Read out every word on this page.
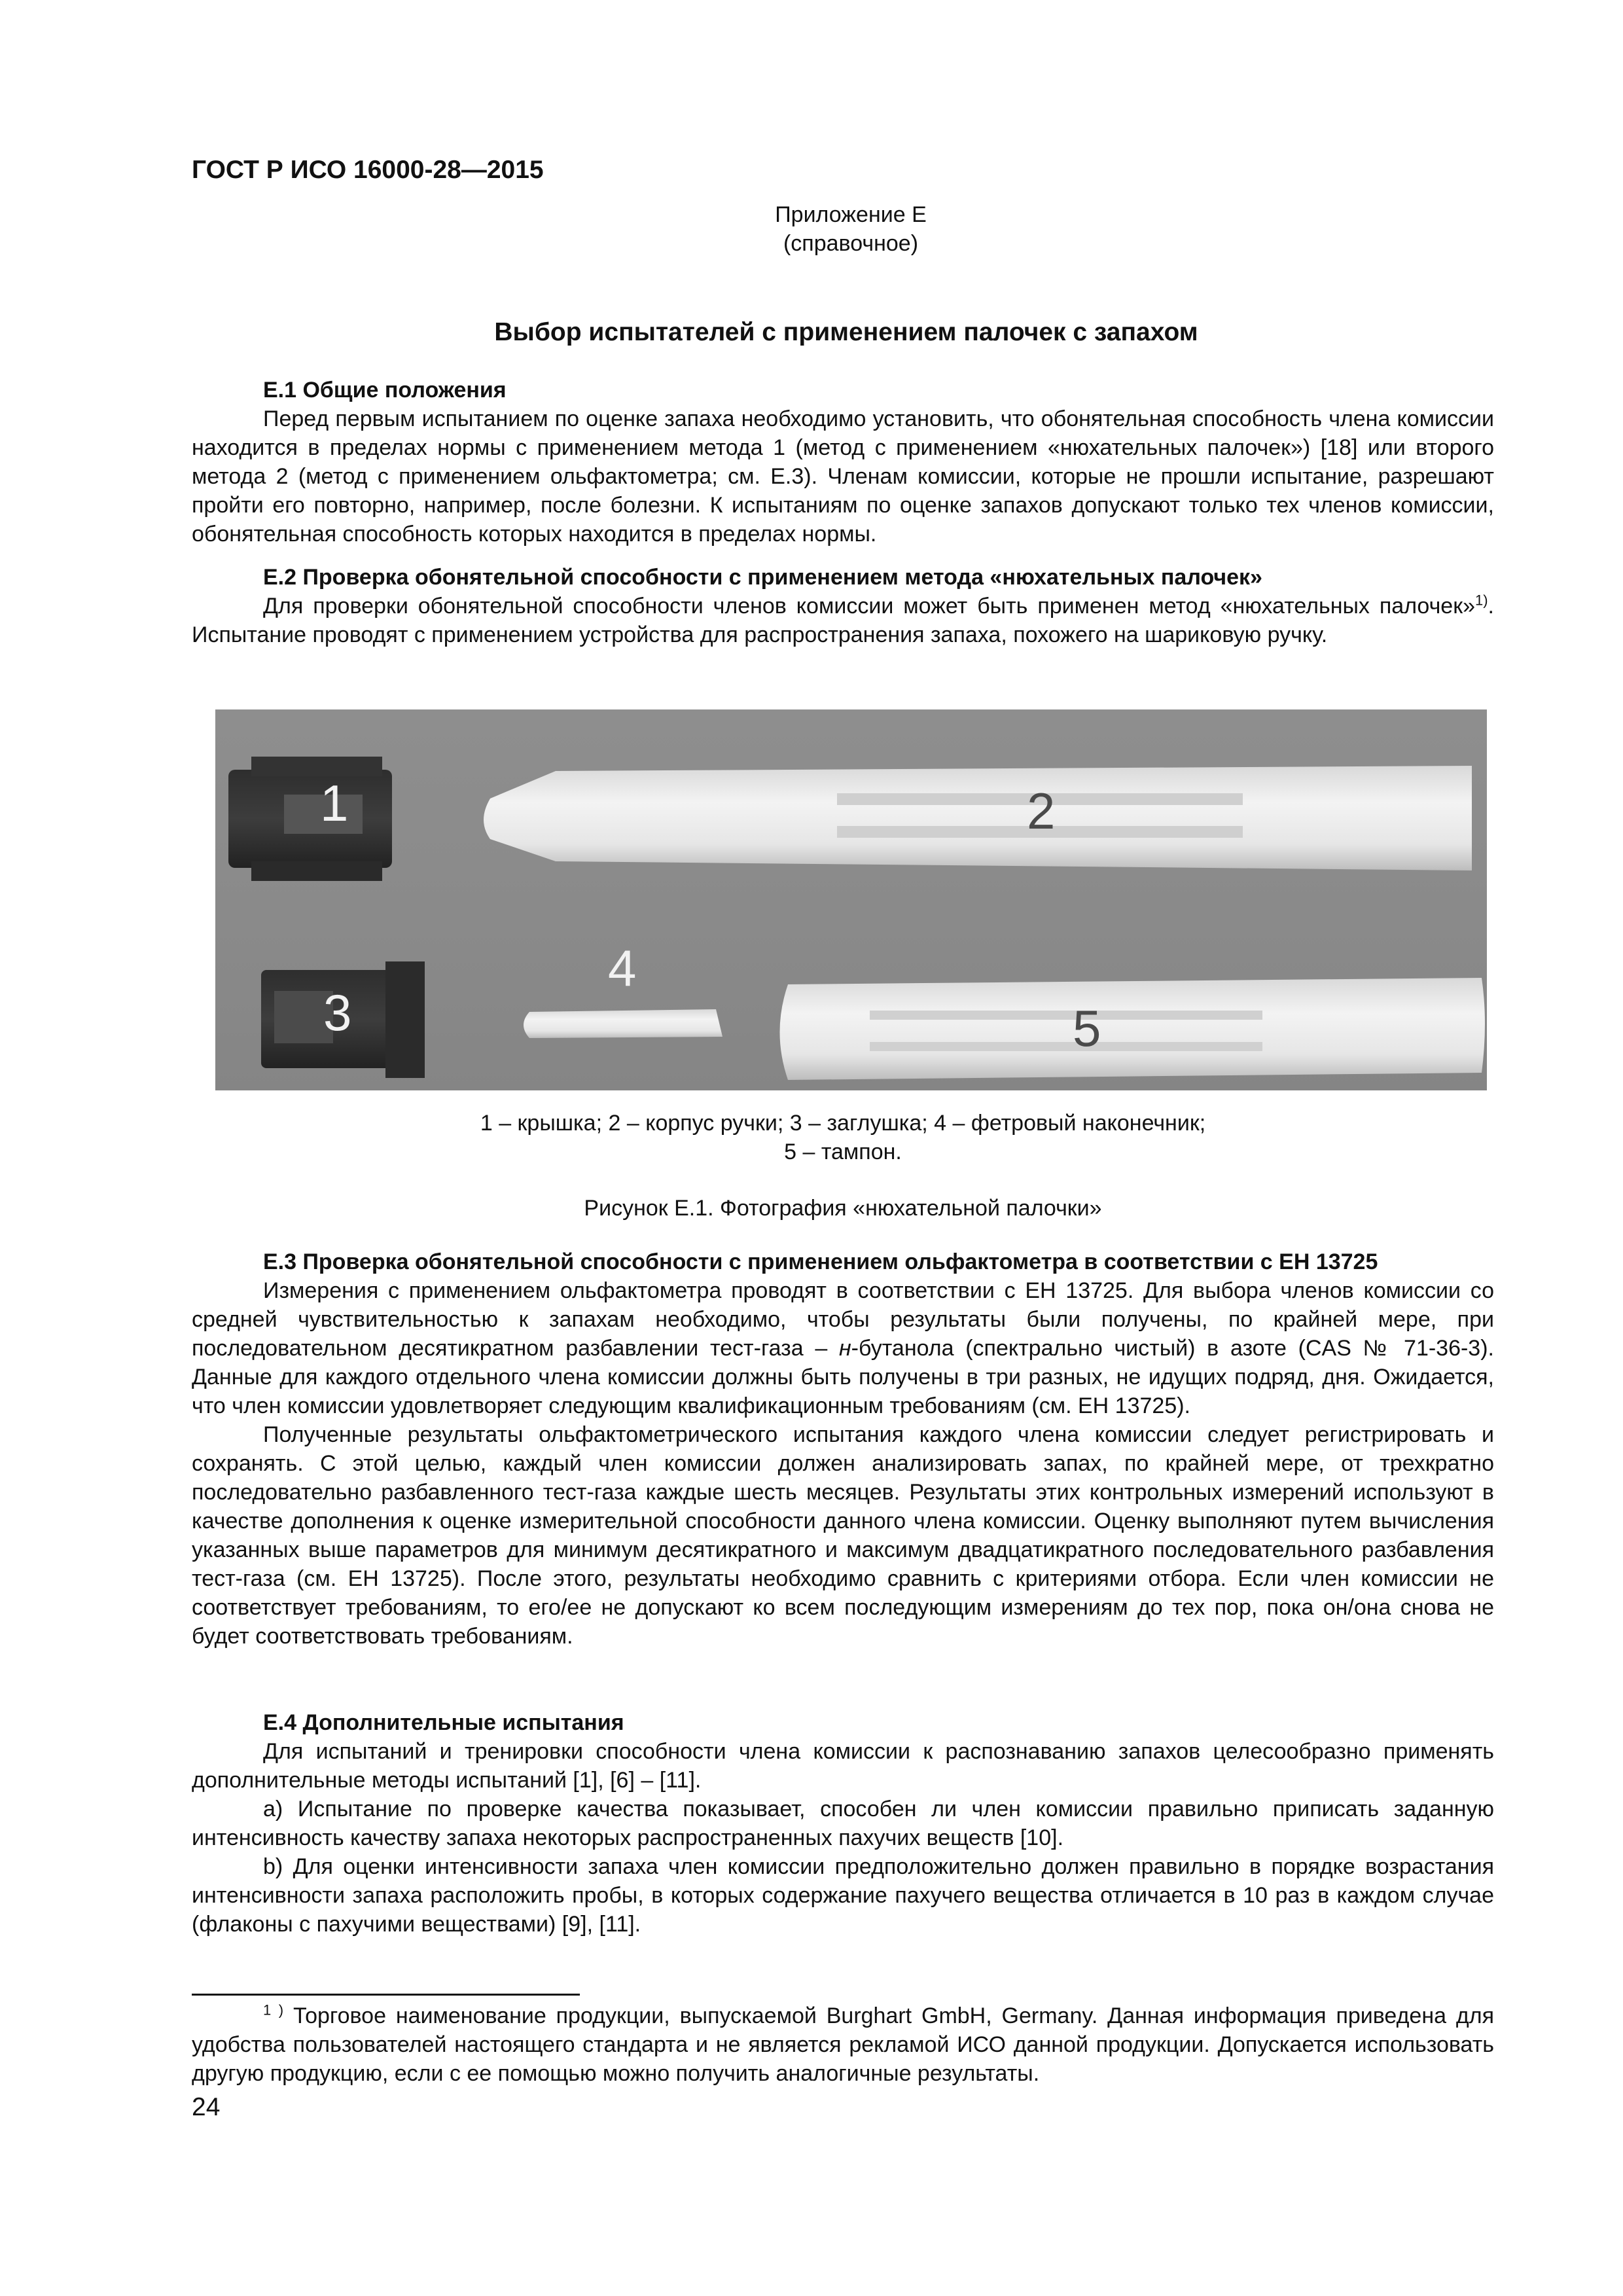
ГОСТ Р ИСО 16000-28—2015
Приложение Е
(справочное)
Выбор испытателей с применением палочек с запахом
Е.1 Общие положения
Перед первым испытанием по оценке запаха необходимо установить, что обонятельная способность члена комиссии находится в пределах нормы с применением метода 1 (метод с применением «нюхательных палочек») [18] или второго метода 2 (метод с применением ольфактометра; см. Е.3). Членам комиссии, которые не прошли испытание, разрешают пройти его повторно, например, после болезни. К испытаниям по оценке запахов допускают только тех членов комиссии, обонятельная способность которых находится в пределах нормы.
Е.2 Проверка обонятельной способности с применением метода «нюхательных палочек»
Для проверки обонятельной способности членов комиссии может быть применен метод «нюхательных палочек»$^{1)}$. Испытание проводят с применением устройства для распространения запаха, похожего на шариковую ручку.
1	2
3
4
5
1 – крышка; 2 – корпус ручки; 3 – заглушка; 4 – фетровый наконечник;
5 – тампон.
Рисунок Е.1. Фотография «нюхательной палочки»
Е.3 Проверка обонятельной способности с применением ольфактометра в соответствии с ЕН 13725
Измерения с применением ольфактометра проводят в соответствии с ЕН 13725. Для выбора членов комиссии со средней чувствительностью к запахам необходимо, чтобы результаты были получены, по крайней мере, при последовательном десятикратном разбавлении тест-газа – н-бутанола (спектрально чистый) в азоте (CAS № 71-36-3). Данные для каждого отдельного члена комиссии должны быть получены в три разных, не идущих подряд, дня. Ожидается, что член комиссии удовлетворяет следующим квалификационным требованиям (см. ЕН 13725).
Полученные результаты ольфактометрического испытания каждого члена комиссии следует регистрировать и сохранять. С этой целью, каждый член комиссии должен анализировать запах, по крайней мере, от трехкратно последовательно разбавленного тест-газа каждые шесть месяцев. Результаты этих контрольных измерений используют в качестве дополнения к оценке измерительной способности данного члена комиссии. Оценку выполняют путем вычисления указанных выше параметров для минимум десятикратного и максимум двадцатикратного последовательного разбавления тест-газа (см. ЕН 13725). После этого, результаты необходимо сравнить с критериями отбора. Если член комиссии не соответствует требованиям, то его/ее не допускают ко всем последующим измерениям до тех пор, пока он/она снова не будет соответствовать требованиям.
Е.4 Дополнительные испытания
Для испытаний и тренировки способности члена комиссии к распознаванию запахов целесообразно применять дополнительные методы испытаний [1], [6] – [11].
a) Испытание по проверке качества показывает, способен ли член комиссии правильно приписать заданную интенсивность качеству запаха некоторых распространенных пахучих веществ [10].
b) Для оценки интенсивности запаха член комиссии предположительно должен правильно в порядке возрастания интенсивности запаха расположить пробы, в которых содержание пахучего вещества отличается в 10 раз в каждом случае (флаконы с пахучими веществами) [9], [11].
$^{1 )}$ Торговое наименование продукции, выпускаемой Burghart GmbH, Germany. Данная информация приведена для удобства пользователей настоящего стандарта и не является рекламой ИСО данной продукции. Допускается использовать другую продукцию, если с ее помощью можно получить аналогичные результаты.
24
